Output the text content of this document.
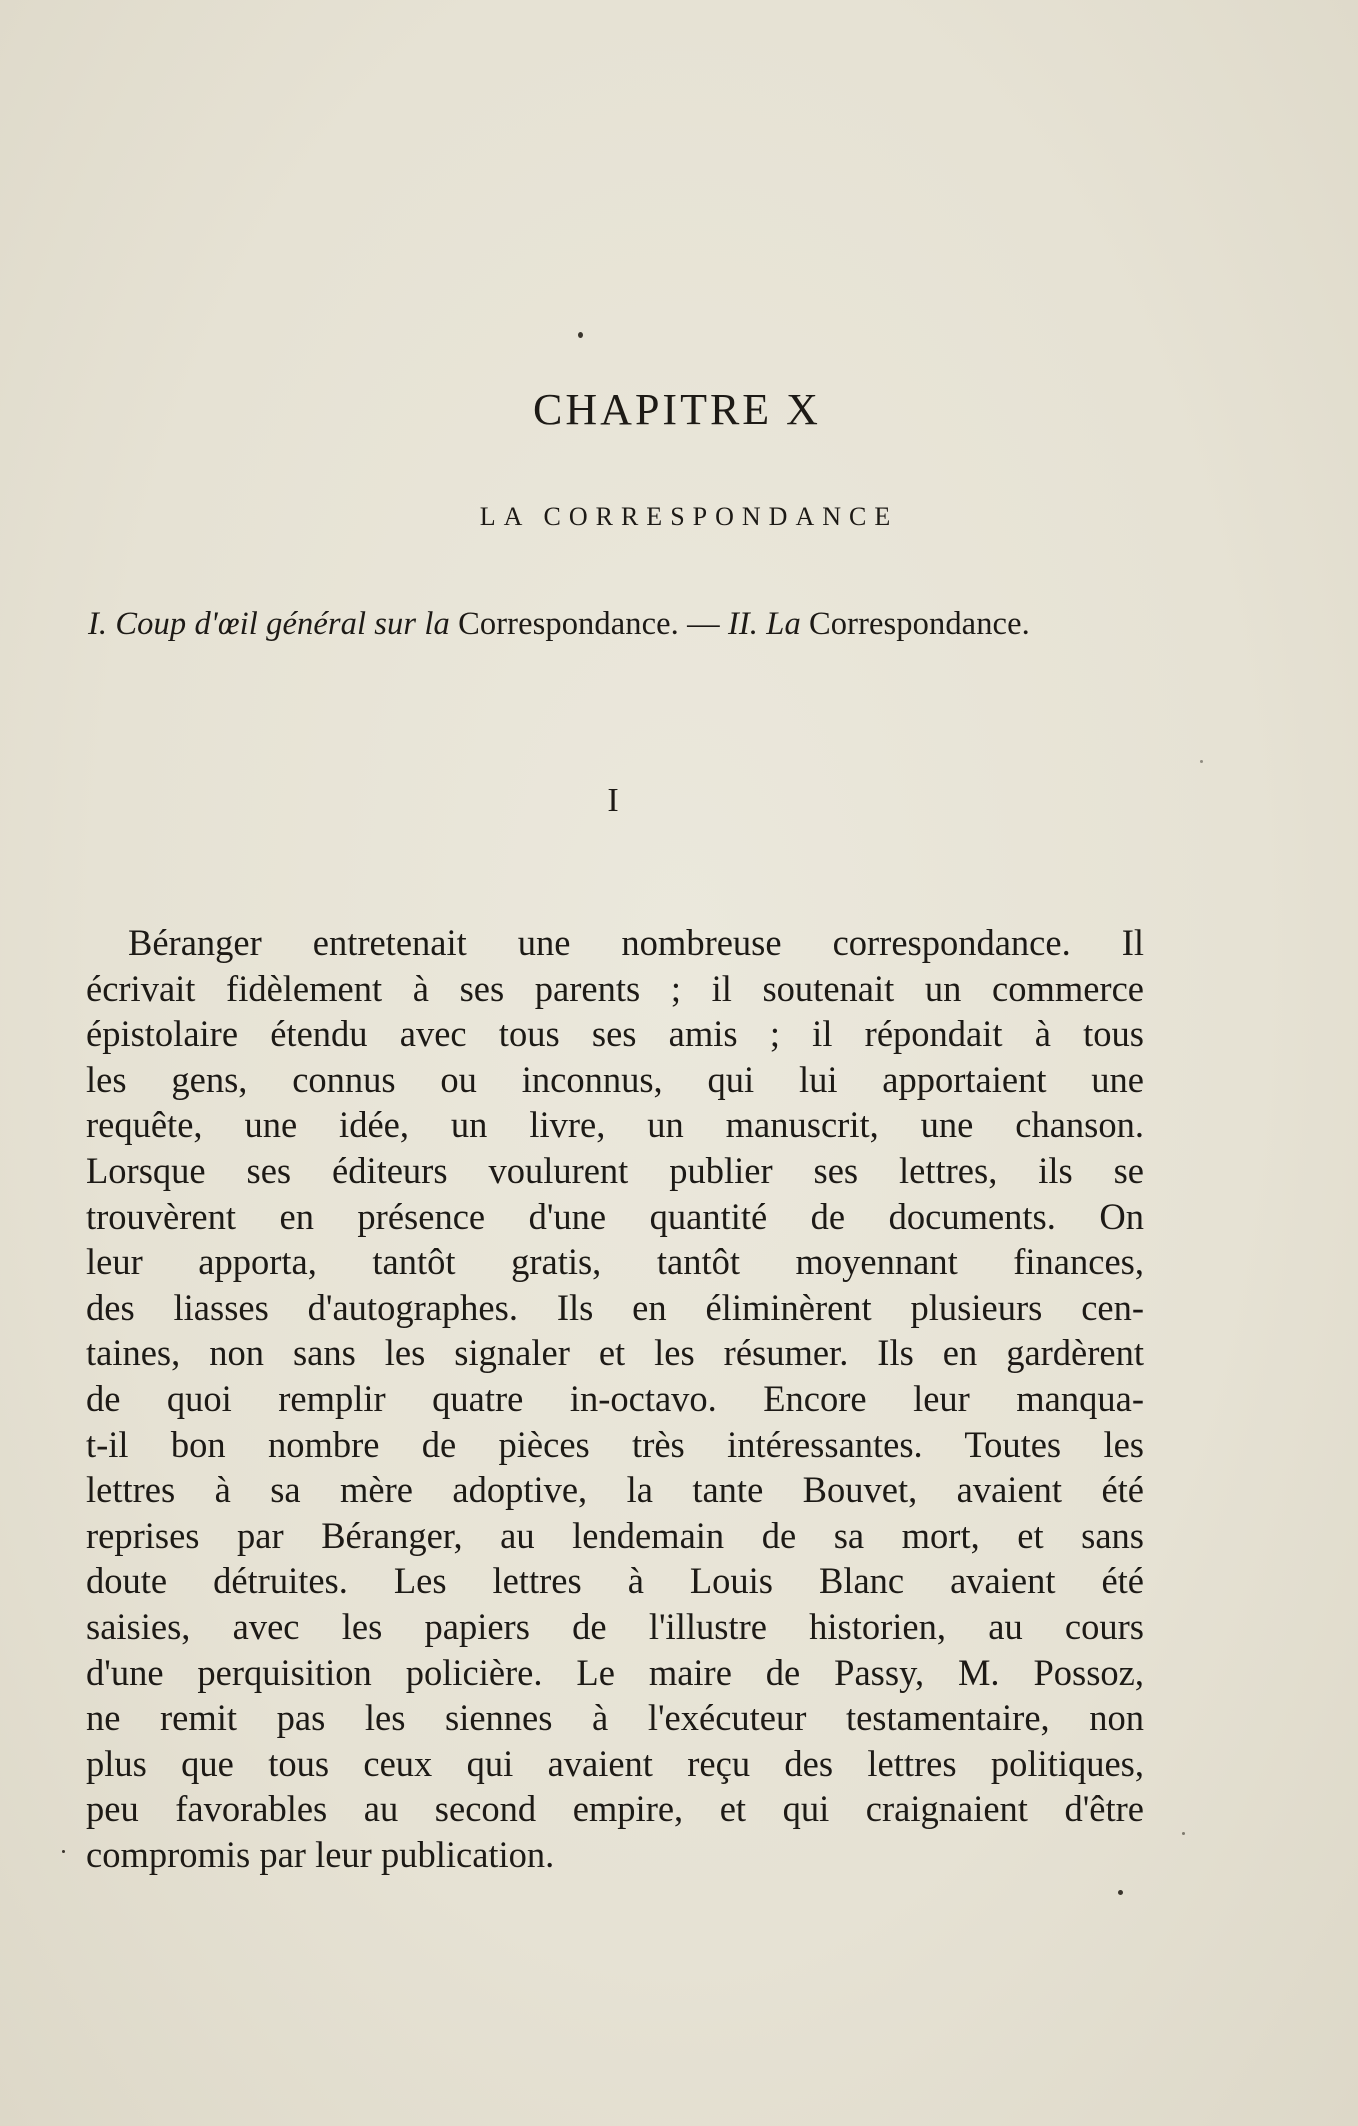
CHAPITRE X
LA CORRESPONDANCE
I. Coup d'œil général sur la Correspondance. — II. La Correspondance.
I
Béranger entretenait une nombreuse correspondance. Il
écrivait fidèlement à ses parents ; il soutenait un commerce
épistolaire étendu avec tous ses amis ; il répondait à tous
les gens, connus ou inconnus, qui lui apportaient une
requête, une idée, un livre, un manuscrit, une chanson.
Lorsque ses éditeurs voulurent publier ses lettres, ils se
trouvèrent en présence d'une quantité de documents. On
leur apporta, tantôt gratis, tantôt moyennant finances,
des liasses d'autographes. Ils en éliminèrent plusieurs cen-
taines, non sans les signaler et les résumer. Ils en gardèrent
de quoi remplir quatre in-octavo. Encore leur manqua-
t-il bon nombre de pièces très intéressantes. Toutes les
lettres à sa mère adoptive, la tante Bouvet, avaient été
reprises par Béranger, au lendemain de sa mort, et sans
doute détruites. Les lettres à Louis Blanc avaient été
saisies, avec les papiers de l'illustre historien, au cours
d'une perquisition policière. Le maire de Passy, M. Possoz,
ne remit pas les siennes à l'exécuteur testamentaire, non
plus que tous ceux qui avaient reçu des lettres politiques,
peu favorables au second empire, et qui craignaient d'être
compromis par leur publication.
